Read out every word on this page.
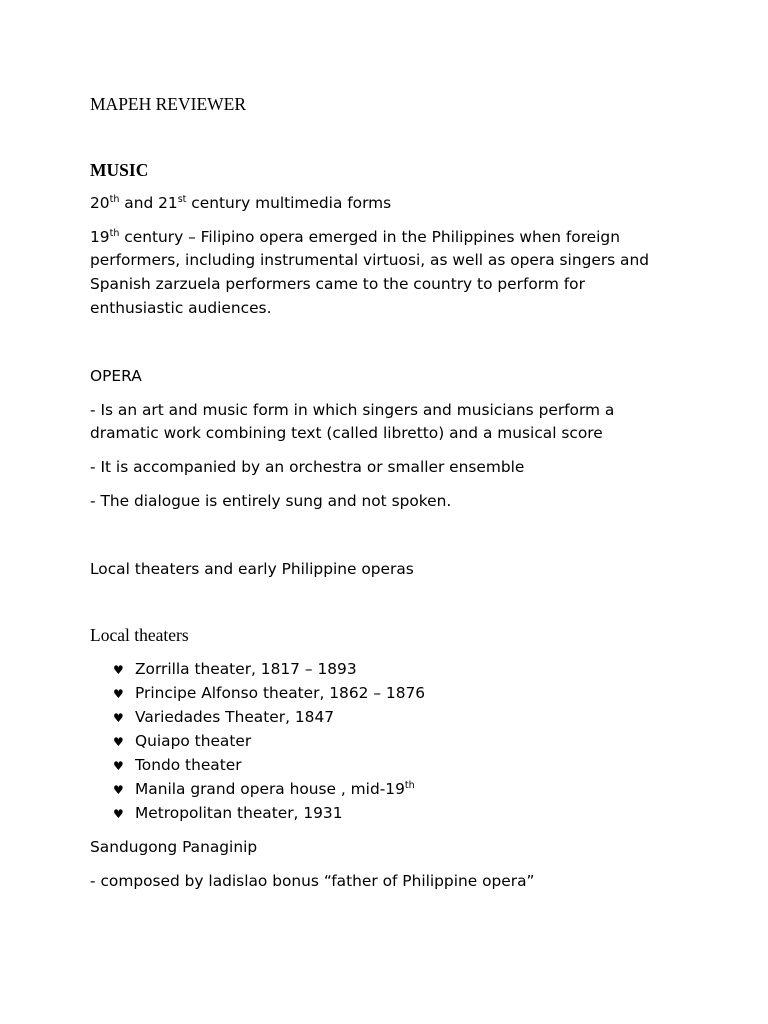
MAPEH REVIEWER
MUSIC
20th and 21st century multimedia forms
19th century – Filipino opera emerged in the Philippines when foreign
performers, including instrumental virtuosi, as well as opera singers and
Spanish zarzuela performers came to the country to perform for
enthusiastic audiences.
OPERA
- Is an art and music form in which singers and musicians perform a
dramatic work combining text (called libretto) and a musical score
- It is accompanied by an orchestra or smaller ensemble
- The dialogue is entirely sung and not spoken.
Local theaters and early Philippine operas
Local theaters
♥ Zorrilla theater, 1817 – 1893
♥ Principe Alfonso theater, 1862 – 1876
♥ Variedades Theater, 1847
♥ Quiapo theater
♥ Tondo theater
♥ Manila grand opera house , mid-19th
♥ Metropolitan theater, 1931
Sandugong Panaginip
- composed by ladislao bonus “father of Philippine opera”
